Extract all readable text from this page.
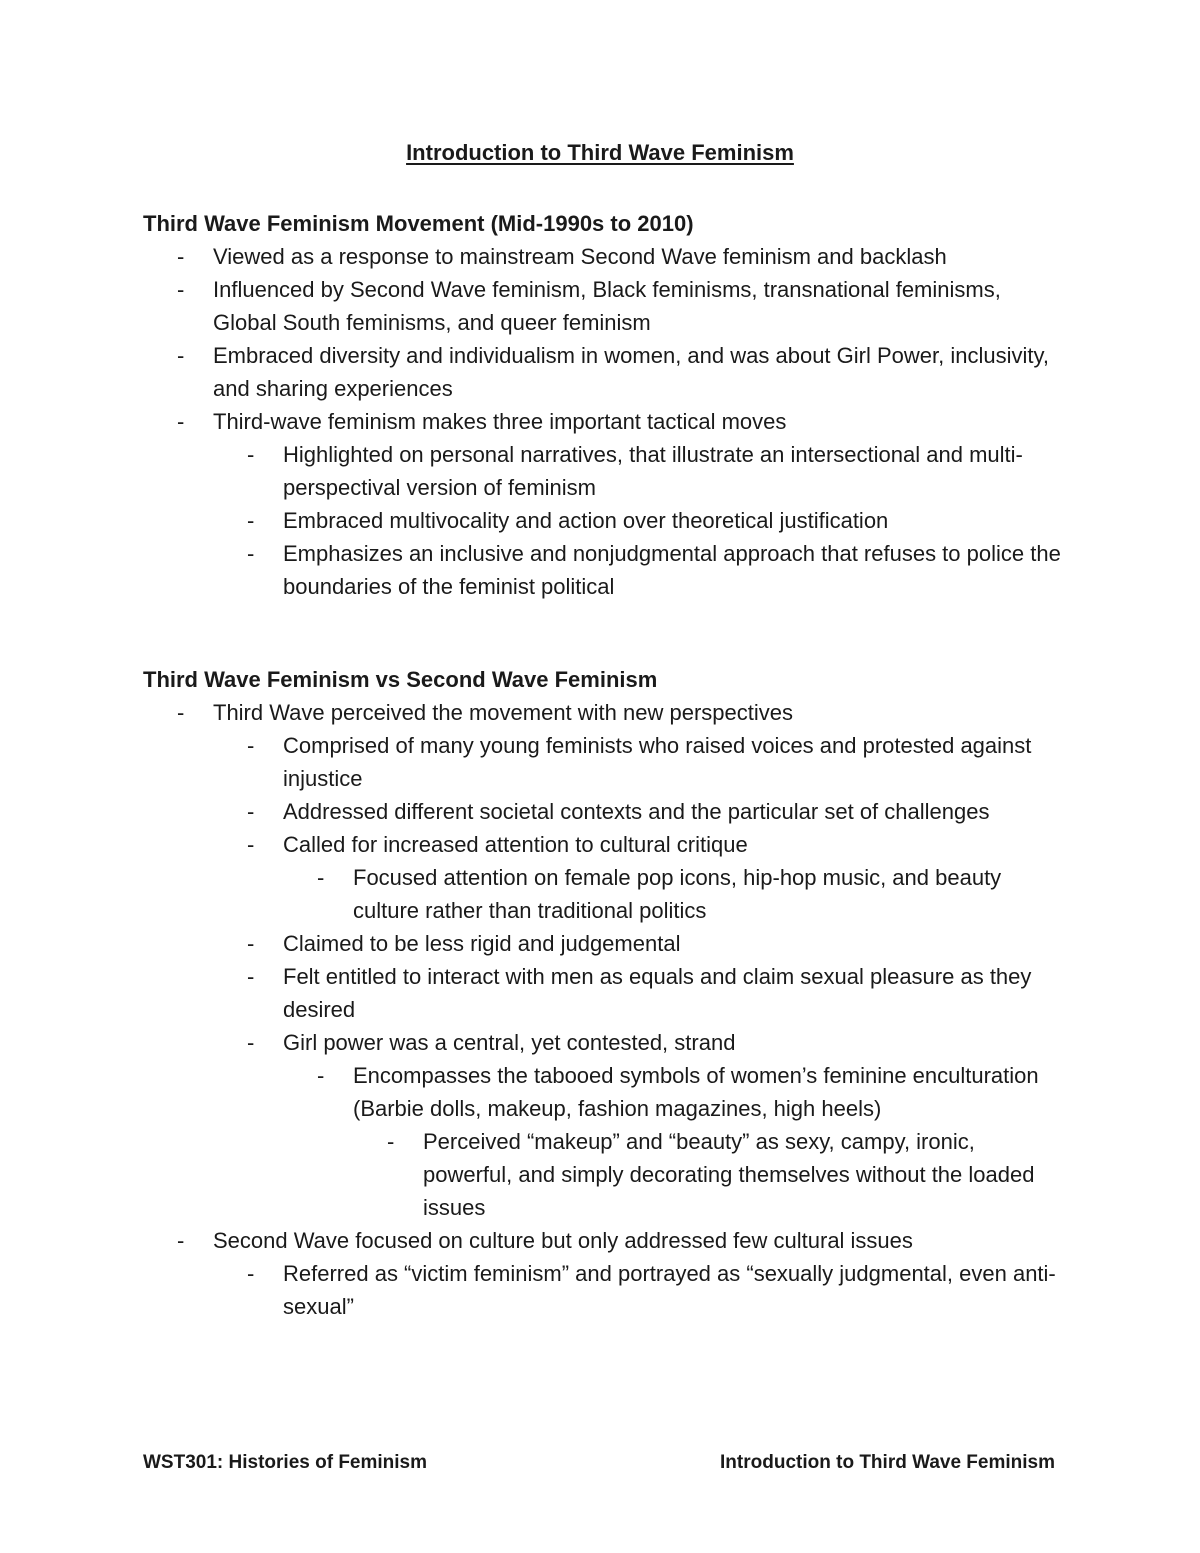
Introduction to Third Wave Feminism
Third Wave Feminism Movement (Mid-1990s to 2010)
- Viewed as a response to mainstream Second Wave feminism and backlash
- Influenced by Second Wave feminism, Black feminisms, transnational feminisms, Global South feminisms, and queer feminism
- Embraced diversity and individualism in women, and was about Girl Power, inclusivity, and sharing experiences
- Third-wave feminism makes three important tactical moves
- Highlighted on personal narratives, that illustrate an intersectional and multi-perspectival version of feminism
- Embraced multivocality and action over theoretical justification
- Emphasizes an inclusive and nonjudgmental approach that refuses to police the boundaries of the feminist political
Third Wave Feminism vs Second Wave Feminism
- Third Wave perceived the movement with new perspectives
- Comprised of many young feminists who raised voices and protested against injustice
- Addressed different societal contexts and the particular set of challenges
- Called for increased attention to cultural critique
- Focused attention on female pop icons, hip-hop music, and beauty culture rather than traditional politics
- Claimed to be less rigid and judgemental
- Felt entitled to interact with men as equals and claim sexual pleasure as they desired
- Girl power was a central, yet contested, strand
- Encompasses the tabooed symbols of women’s feminine enculturation (Barbie dolls, makeup, fashion magazines, high heels)
- Perceived “makeup” and “beauty” as sexy, campy, ironic, powerful, and simply decorating themselves without the loaded issues
- Second Wave focused on culture but only addressed few cultural issues
- Referred as “victim feminism” and portrayed as “sexually judgmental, even anti-sexual”
WST301: Histories of Feminism	Introduction to Third Wave Feminism
